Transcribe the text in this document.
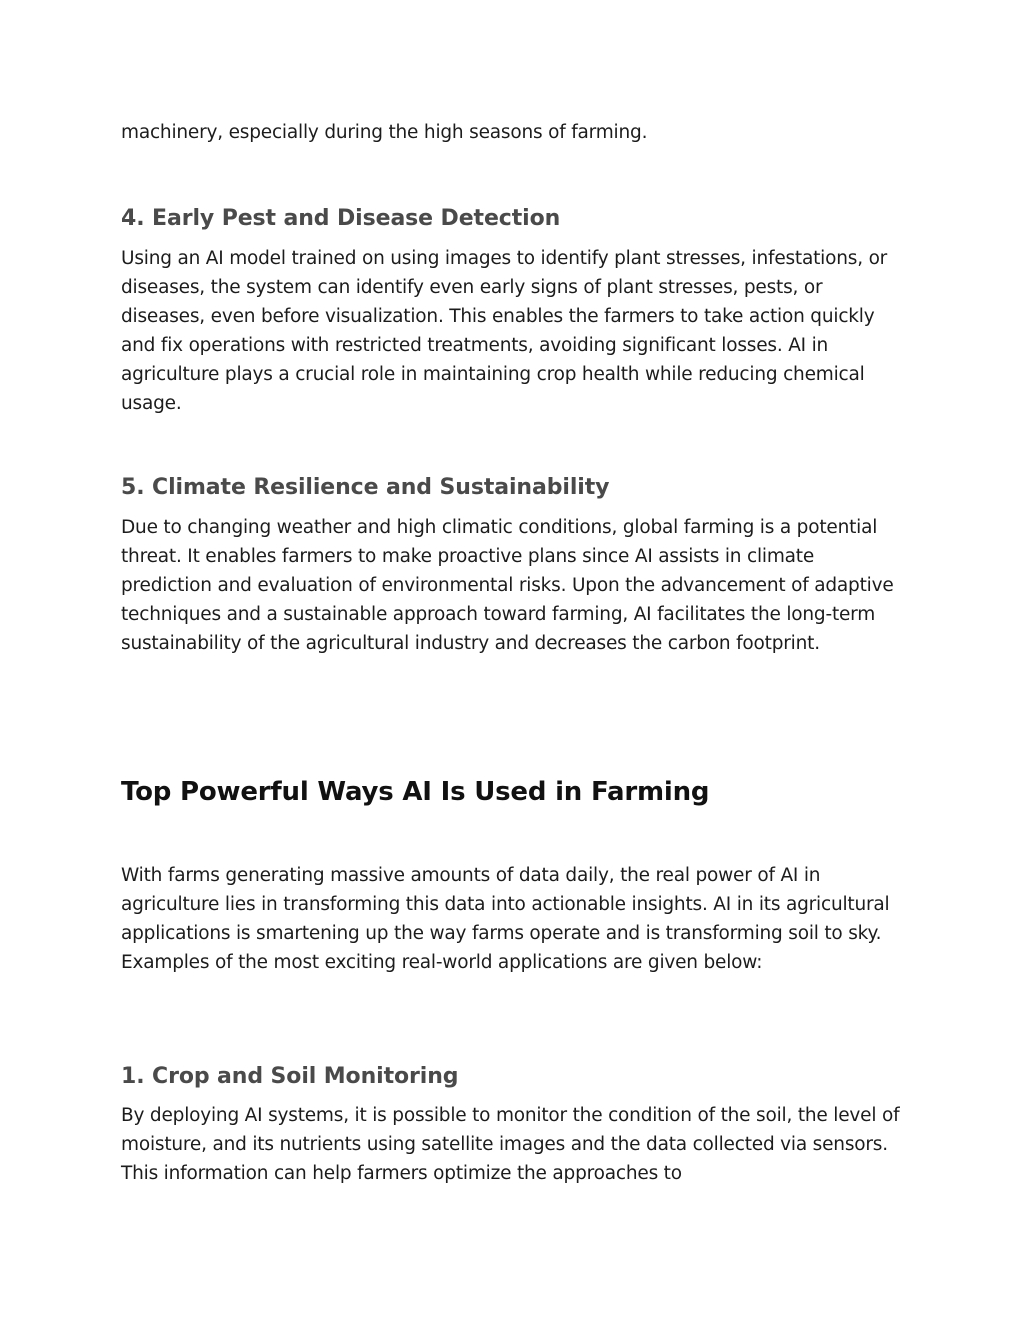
machinery, especially during the high seasons of farming.

4. Early Pest and Disease Detection

Using an AI model trained on using images to identify plant stresses, infestations, or diseases, the system can identify even early signs of plant stresses, pests, or diseases, even before visualization. This enables the farmers to take action quickly and fix operations with restricted treatments, avoiding significant losses. AI in agriculture plays a crucial role in maintaining crop health while reducing chemical usage.

5. Climate Resilience and Sustainability

Due to changing weather and high climatic conditions, global farming is a potential threat. It enables farmers to make proactive plans since AI assists in climate prediction and evaluation of environmental risks. Upon the advancement of adaptive techniques and a sustainable approach toward farming, AI facilitates the long-term sustainability of the agricultural industry and decreases the carbon footprint.

Top Powerful Ways AI Is Used in Farming

With farms generating massive amounts of data daily, the real power of AI in agriculture lies in transforming this data into actionable insights. AI in its agricultural applications is smartening up the way farms operate and is transforming soil to sky. Examples of the most exciting real-world applications are given below:

1. Crop and Soil Monitoring

By deploying AI systems, it is possible to monitor the condition of the soil, the level of moisture, and its nutrients using satellite images and the data collected via sensors. This information can help farmers optimize the approaches to
